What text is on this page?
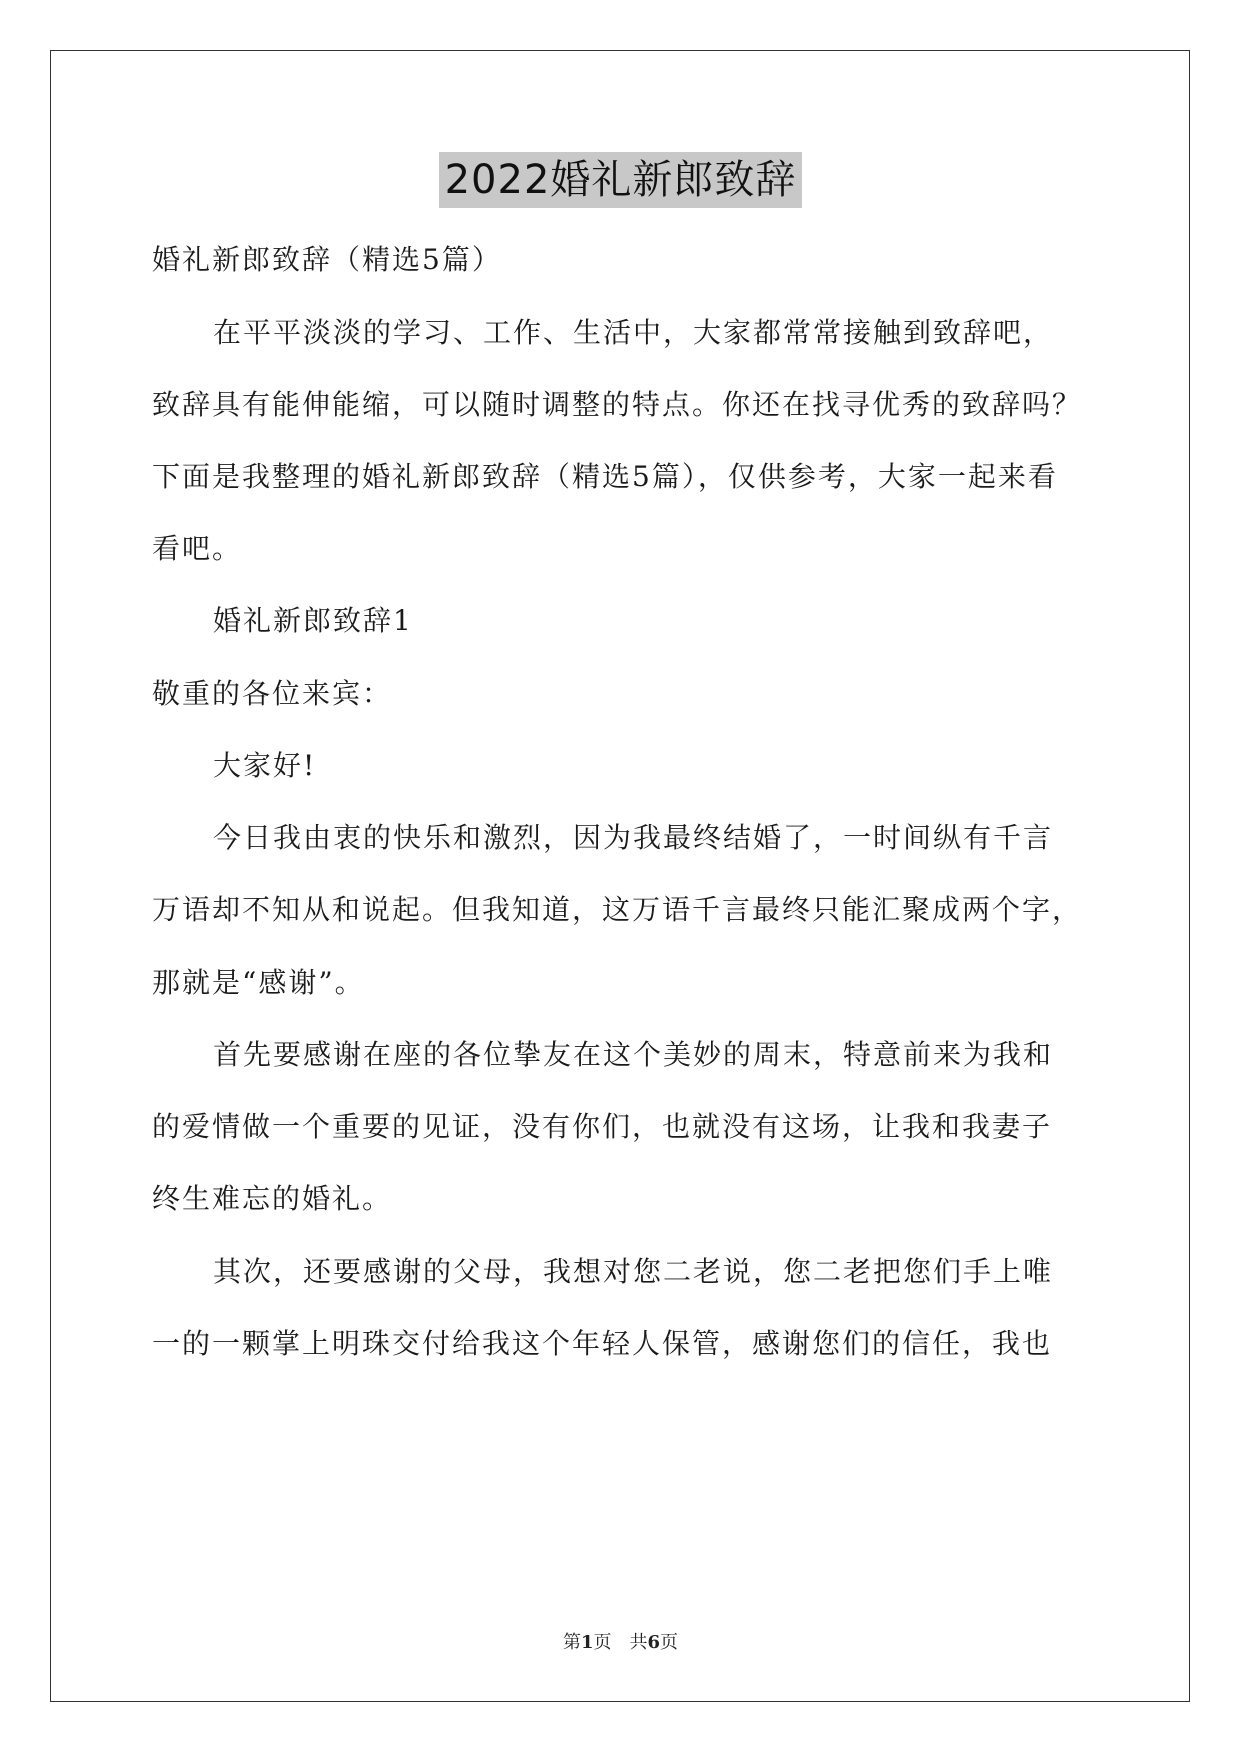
2022婚礼新郎致辞
婚礼新郎致辞（精选5篇）
在平平淡淡的学习、工作、生活中，大家都常常接触到致辞吧，
致辞具有能伸能缩，可以随时调整的特点。你还在找寻优秀的致辞吗？
下面是我整理的婚礼新郎致辞（精选5篇），仅供参考，大家一起来看
看吧。
婚礼新郎致辞1
敬重的各位来宾：
大家好!
今日我由衷的快乐和激烈，因为我最终结婚了，一时间纵有千言
万语却不知从和说起。但我知道，这万语千言最终只能汇聚成两个字，
那就是“感谢”。
首先要感谢在座的各位挚友在这个美妙的周末，特意前来为我和
的爱情做一个重要的见证，没有你们，也就没有这场，让我和我妻子
终生难忘的婚礼。
其次，还要感谢的父母，我想对您二老说，您二老把您们手上唯
一的一颗掌上明珠交付给我这个年轻人保管，感谢您们的信任，我也
第1页　共6页
